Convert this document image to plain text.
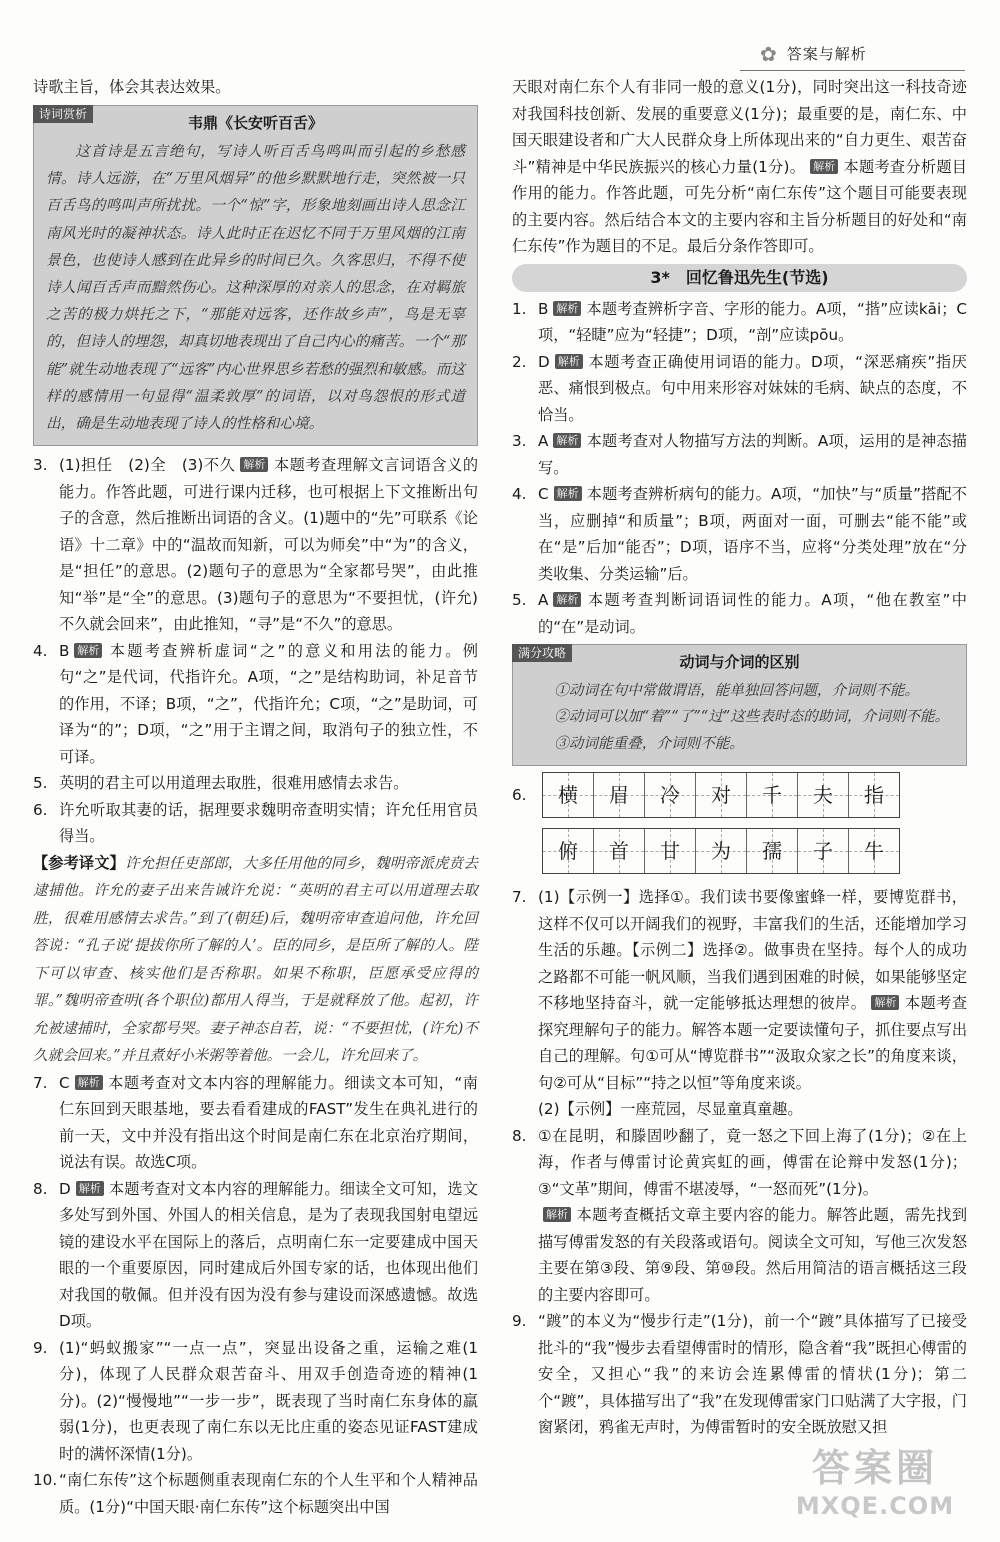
✿ 答案与解析

诗歌主旨，体会其表达效果。

诗词赏析	韦鼎《长安听百舌》

这首诗是五言绝句，写诗人听百舌鸟鸣叫而引起的乡愁感情。诗人远游，在“万里风烟异”的他乡默默地行走，突然被一只百舌鸟的鸣叫声所扰扰。一个“惊”字，形象地刻画出诗人思念江南风光时的凝神状态。诗人此时正在迟忆不同于万里风烟的江南景色，也使诗人感到在此异乡的时间已久。久客思归，不得不使诗人闻百舌声而黯然伤心。这种深厚的对亲人的思念，在对羁旅之苦的极力烘托之下，“那能对远客，还作故乡声”，鸟是无辜的，但诗人的埋怨，却真切地表现出了自己内心的痛苦。一个“那能”就生动地表现了“远客”内心世界思乡若愁的强烈和敏感。而这样的感情用一句显得“温柔敦厚”的词语，以对鸟怨恨的形式道出，确是生动地表现了诗人的性格和心境。

3. (1)担任　(2)全　(3)不久 解析 本题考查理解文言词语含义的能力。作答此题，可进行课内迁移，也可根据上下文推断出句子的含意，然后推断出词语的含义。(1)题中的“先”可联系《论语》十二章》中的“温故而知新，可以为师矣”中“为”的含义，是“担任”的意思。(2)题句子的意思为“全家都号哭”，由此推知“举”是“全”的意思。(3)题句子的意思为“不要担忧，(许允)不久就会回来”，由此推知，“寻”是“不久”的意思。
4. B 解析 本题考查辨析虚词“之”的意义和用法的能力。例句“之”是代词，代指许允。A项，“之”是结构助词，补足音节的作用，不译；B项，“之”，代指许允；C项，“之”是助词，可译为“的”；D项，“之”用于主谓之间，取消句子的独立性，不可译。
5. 英明的君主可以用道理去取胜，很难用感情去求告。
6. 许允听取其妻的话，据理要求魏明帝查明实情；许允任用官员得当。

【参考译文】许允担任吏部郎，大多任用他的同乡，魏明帝派虎贲去逮捕他。许允的妻子出来告诫许允说：“英明的君主可以用道理去取胜，很难用感情去求告。”到了(朝廷)后，魏明帝审查追问他，许允回答说：“孔子说‘提拔你所了解的人’。臣的同乡，是臣所了解的人。陛下可以审查、核实他们是否称职。如果不称职，臣愿承受应得的罪。”魏明帝查明(各个职位)都用人得当，于是就释放了他。起初，许允被逮捕时，全家都号哭。妻子神态自若，说：“不要担忧，(许允)不久就会回来。”并且煮好小米粥等着他。一会儿，许允回来了。

7. C 解析 本题考查对文本内容的理解能力。细读文本可知，“南仁东回到天眼基地，要去看看建成的FAST”发生在典礼进行的前一天，文中并没有指出这个时间是南仁东在北京治疗期间，说法有误。故选C项。
8. D 解析 本题考查对文本内容的理解能力。细读全文可知，选文多处写到外国、外国人的相关信息，是为了表现我国射电望远镜的建设水平在国际上的落后，点明南仁东一定要建成中国天眼的一个重要原因，同时建成后外国专家的话，也体现出他们对我国的敬佩。但并没有因为没有参与建设而深感遗憾。故选D项。
9. (1)“蚂蚁搬家”“一点一点”，突显出设备之重，运输之难(1分)，体现了人民群众艰苦奋斗、用双手创造奇迹的精神(1分)。(2)“慢慢地”“一步一步”，既表现了当时南仁东身体的羸弱(1分)，也更表现了南仁东以无比庄重的姿态见证FAST建成时的满怀深情(1分)。
10. “南仁东传”这个标题侧重表现南仁东的个人生平和个人精神品质。(1分)“中国天眼·南仁东传”这个标题突出中国

天眼对南仁东个人有非同一般的意义(1分)，同时突出这一科技奇迹对我国科技创新、发展的重要意义(1分)；最重要的是，南仁东、中国天眼建设者和广大人民群众身上所体现出来的“自力更生、艰苦奋斗”精神是中华民族振兴的核心力量(1分)。 解析 本题考查分析题目作用的能力。作答此题，可先分析“南仁东传”这个题目可能要表现的主要内容。然后结合本文的主要内容和主旨分析题目的好处和“南仁东传”作为题目的不足。最后分条作答即可。

3*　回忆鲁迅先生(节选)
1. B 解析 本题考查辨析字音、字形的能力。A项，“揩”应读kāi；C项，“轻睫”应为“轻捷”；D项，“剖”应读pōu。
2. D 解析 本题考查正确使用词语的能力。D项，“深恶痛疾”指厌恶、痛恨到极点。句中用来形容对妹妹的毛病、缺点的态度，不恰当。
3. A 解析 本题考查对人物描写方法的判断。A项，运用的是神态描写。
4. C 解析 本题考查辨析病句的能力。A项，“加快”与“质量”搭配不当，应删掉“和质量”；B项，两面对一面，可删去“能不能”或在“是”后加“能否”；D项，语序不当，应将“分类处理”放在“分类收集、分类运输”后。
5. A 解析 本题考查判断词语词性的能力。A项，“他在教室”中的“在”是动词。
满分攻略	动词与介词的区别

①动词在句中常做谓语，能单独回答问题，介词则不能。

②动词可以加“着”“了”“过”这些表时态的助词，介词则不能。

③动词能重叠，介词则不能。

6.	横	眉	冷	对	千	夫	指
俯	首	甘	为	孺	子	牛
7. (1)【示例一】选择①。我们读书要像蜜蜂一样，要博览群书，这样不仅可以开阔我们的视野，丰富我们的生活，还能增加学习生活的乐趣。【示例二】选择②。做事贵在坚持。每个人的成功之路都不可能一帆风顺，当我们遇到困难的时候，如果能够坚定不移地坚持奋斗，就一定能够抵达理想的彼岸。 解析 本题考查探究理解句子的能力。解答本题一定要读懂句子，抓住要点写出自己的理解。句①可从“博览群书”“汲取众家之长”的角度来谈，句②可从“目标”“持之以恒”等角度来谈。
(2)【示例】一座荒园，尽显童真童趣。
8. ①在昆明，和滕固吵翻了，竟一怒之下回上海了(1分)；②在上海，作者与傅雷讨论黄宾虹的画，傅雷在论辩中发怒(1分)；③“文革”期间，傅雷不堪凌辱，“一怒而死”(1分)。
解析 本题考查概括文章主要内容的能力。解答此题，需先找到描写傅雷发怒的有关段落或语句。阅读全文可知，写他三次发怒主要在第③段、第⑨段、第⑩段。然后用简洁的语言概括这三段的主要内容即可。
9. “踱”的本义为“慢步行走”(1分)，前一个“踱”具体描写了已接受批斗的“我”慢步去看望傅雷时的情形，隐含着“我”既担心傅雷的安全，又担心“我”的来访会连累傅雷的情状(1分)；第二个“踱”，具体描写出了“我”在发现傅雷家门口贴满了大字报，门窗紧闭，鸦雀无声时，为傅雷暂时的安全既放慰又担
答案圈
MXQE.COM
